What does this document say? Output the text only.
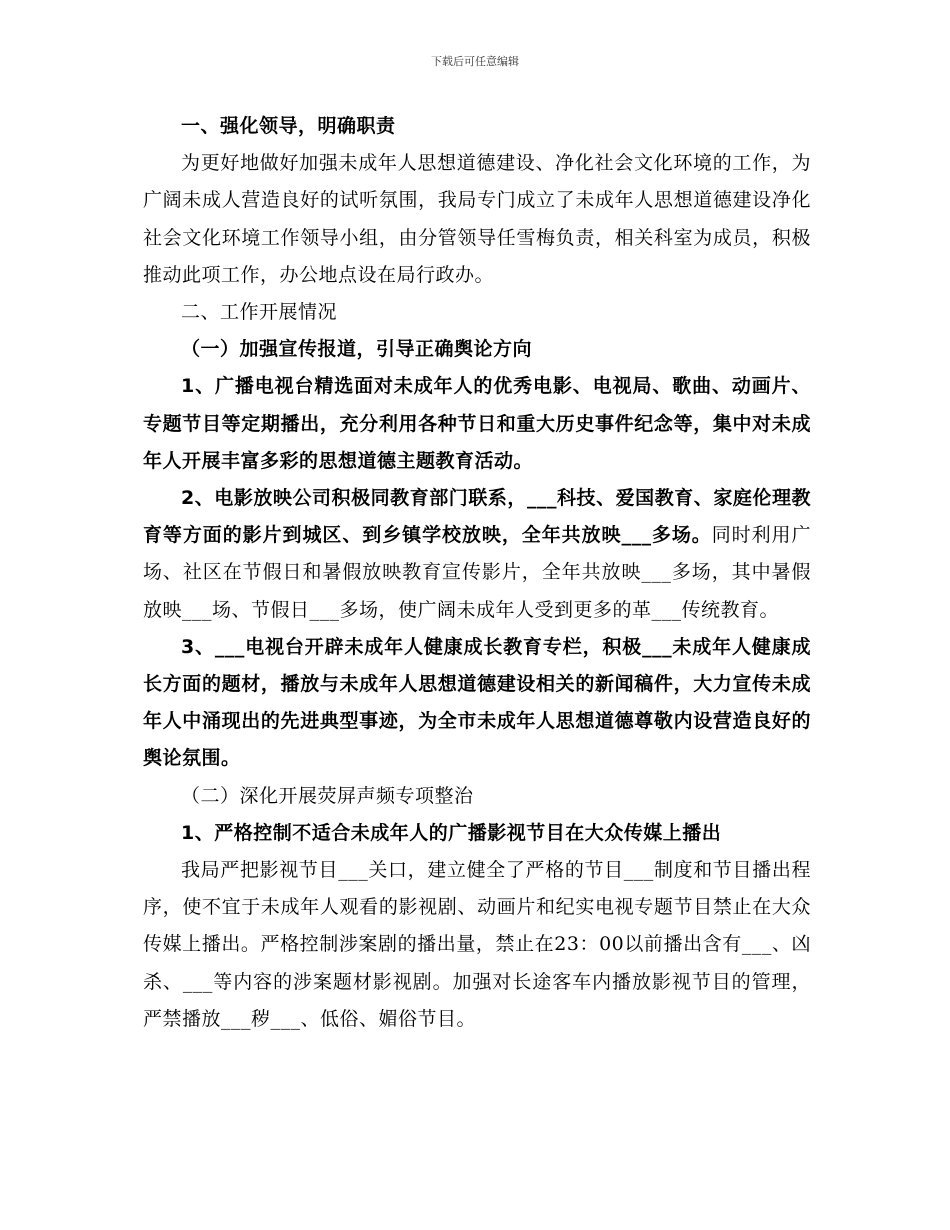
下载后可任意编辑

一、强化领导，明确职责

为更好地做好加强未成年人思想道德建设、净化社会文化环境的工作，为广阔未成人营造良好的试听氛围，我局专门成立了未成年人思想道德建设净化社会文化环境工作领导小组，由分管领导任雪梅负责，相关科室为成员，积极推动此项工作，办公地点设在局行政办。

二、工作开展情况

（一）加强宣传报道，引导正确舆论方向

1、广播电视台精选面对未成年人的优秀电影、电视局、歌曲、动画片、专题节目等定期播出，充分利用各种节日和重大历史事件纪念等，集中对未成年人开展丰富多彩的思想道德主题教育活动。

2、电影放映公司积极同教育部门联系，___科技、爱国教育、家庭伦理教育等方面的影片到城区、到乡镇学校放映，全年共放映___多场。同时利用广场、社区在节假日和暑假放映教育宣传影片，全年共放映___多场，其中暑假放映___场、节假日___多场，使广阔未成年人受到更多的革___传统教育。

3、___电视台开辟未成年人健康成长教育专栏，积极___未成年人健康成长方面的题材，播放与未成年人思想道德建设相关的新闻稿件，大力宣传未成年人中涌现出的先进典型事迹，为全市未成年人思想道德尊敬内设营造良好的舆论氛围。

（二）深化开展荧屏声频专项整治

1、严格控制不适合未成年人的广播影视节目在大众传媒上播出

我局严把影视节目___关口，建立健全了严格的节目___制度和节目播出程序，使不宜于未成年人观看的影视剧、动画片和纪实电视专题节目禁止在大众传媒上播出。严格控制涉案剧的播出量，禁止在23：00以前播出含有___、凶杀、___等内容的涉案题材影视剧。加强对长途客车内播放影视节目的管理，严禁播放___秽___、低俗、媚俗节目。
